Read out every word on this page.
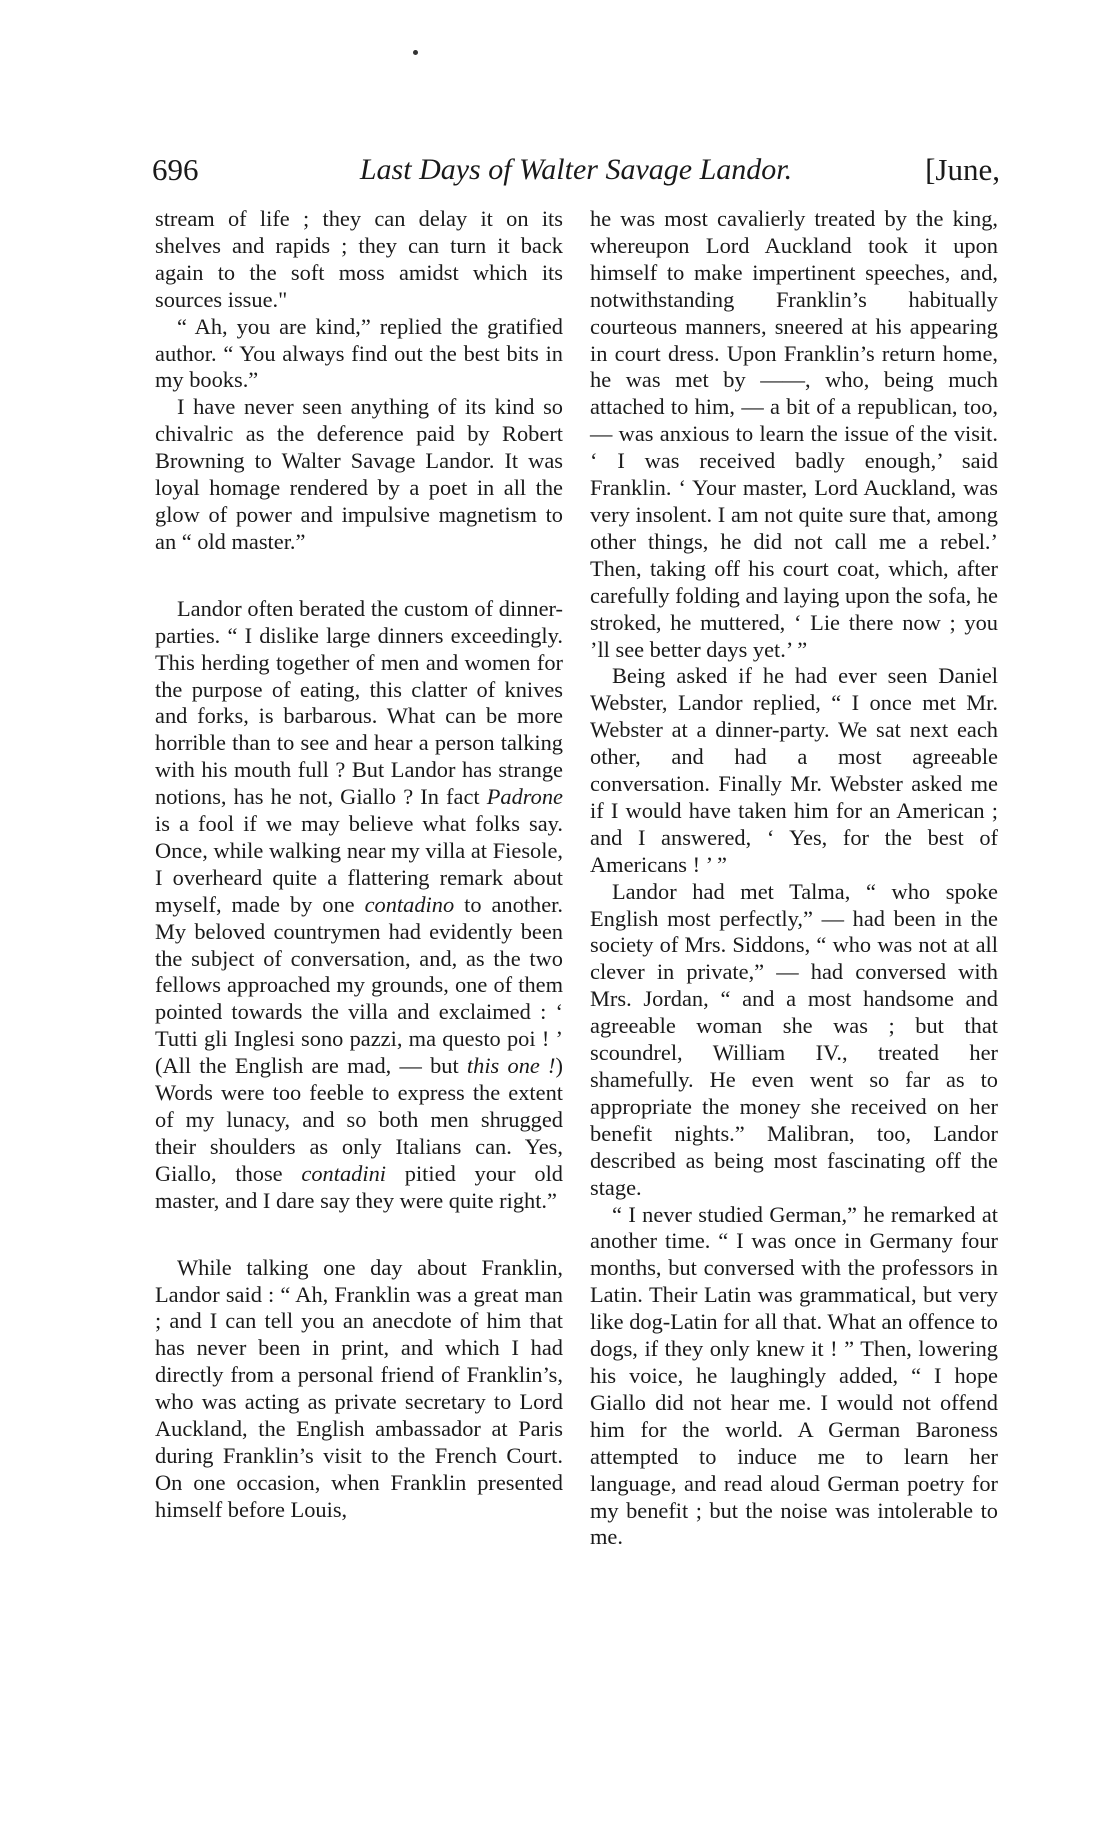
696	Last Days of Walter Savage Landor.	[June,

stream of life ; they can delay it on its shelves and rapids ; they can turn it back again to the soft moss amidst which its sources issue."

“ Ah, you are kind,” replied the gratified author. “ You always find out the best bits in my books.”

I have never seen anything of its kind so chivalric as the deference paid by Robert Browning to Walter Savage Landor. It was loyal homage rendered by a poet in all the glow of power and impulsive magnetism to an “ old master.”

Landor often berated the custom of dinner-parties. “ I dislike large dinners exceedingly. This herding together of men and women for the purpose of eating, this clatter of knives and forks, is barbarous. What can be more horrible than to see and hear a person talking with his mouth full ? But Landor has strange notions, has he not, Giallo ? In fact Padrone is a fool if we may believe what folks say. Once, while walking near my villa at Fiesole, I overheard quite a flattering remark about myself, made by one contadino to another. My beloved countrymen had evidently been the subject of conversation, and, as the two fellows approached my grounds, one of them pointed towards the villa and exclaimed : ‘ Tutti gli Inglesi sono pazzi, ma questo poi ! ’ (All the English are mad, — but this one !) Words were too feeble to express the extent of my lunacy, and so both men shrugged their shoulders as only Italians can. Yes, Giallo, those contadini pitied your old master, and I dare say they were quite right.”

While talking one day about Franklin, Landor said : “ Ah, Franklin was a great man ; and I can tell you an anecdote of him that has never been in print, and which I had directly from a personal friend of Franklin’s, who was acting as private secretary to Lord Auckland, the English ambassador at Paris during Franklin’s visit to the French Court. On one occasion, when Franklin presented himself before Louis,

he was most cavalierly treated by the king, whereupon Lord Auckland took it upon himself to make impertinent speeches, and, notwithstanding Franklin’s habitually courteous manners, sneered at his appearing in court dress. Upon Franklin’s return home, he was met by ——, who, being much attached to him, — a bit of a republican, too, — was anxious to learn the issue of the visit. ‘ I was received badly enough,’ said Franklin. ‘ Your master, Lord Auckland, was very insolent. I am not quite sure that, among other things, he did not call me a rebel.’ Then, taking off his court coat, which, after carefully folding and laying upon the sofa, he stroked, he muttered, ‘ Lie there now ; you ’ll see better days yet.’ ”

Being asked if he had ever seen Daniel Webster, Landor replied, “ I once met Mr. Webster at a dinner-party. We sat next each other, and had a most agreeable conversation. Finally Mr. Webster asked me if I would have taken him for an American ; and I answered, ‘ Yes, for the best of Americans ! ’ ”

Landor had met Talma, “ who spoke English most perfectly,” — had been in the society of Mrs. Siddons, “ who was not at all clever in private,” — had conversed with Mrs. Jordan, “ and a most handsome and agreeable woman she was ; but that scoundrel, William IV., treated her shamefully. He even went so far as to appropriate the money she received on her benefit nights.” Malibran, too, Landor described as being most fascinating off the stage.

“ I never studied German,” he remarked at another time. “ I was once in Germany four months, but conversed with the professors in Latin. Their Latin was grammatical, but very like dog-Latin for all that. What an offence to dogs, if they only knew it ! ” Then, lowering his voice, he laughingly added, “ I hope Giallo did not hear me. I would not offend him for the world. A German Baroness attempted to induce me to learn her language, and read aloud German poetry for my benefit ; but the noise was intolerable to me.
